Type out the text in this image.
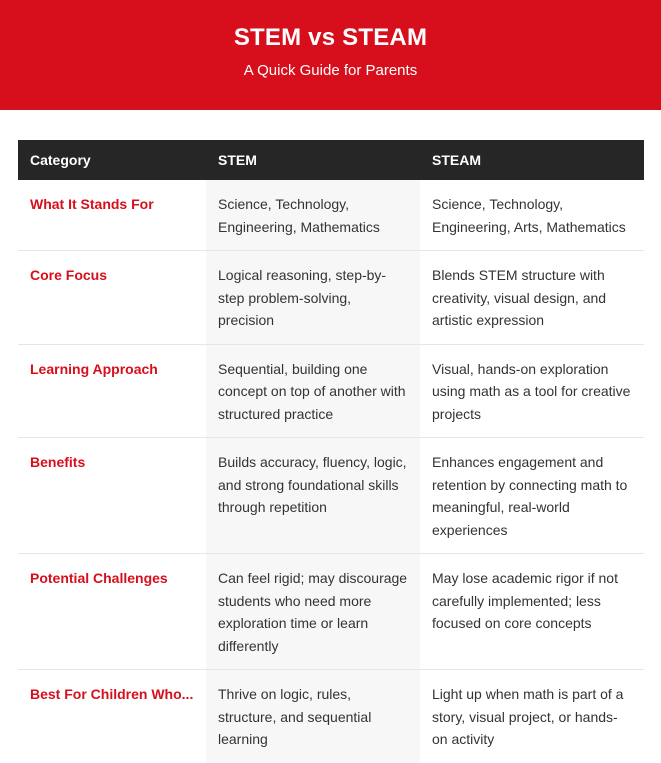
STEM vs STEAM
A Quick Guide for Parents
Category	STEM	STEAM
What It Stands For	Science, Technology, Engineering, Mathematics	Science, Technology, Engineering, Arts, Mathematics
Core Focus	Logical reasoning, step-by-step problem-solving, precision	Blends STEM structure with creativity, visual design, and artistic expression
Learning Approach	Sequential, building one concept on top of another with structured practice	Visual, hands-on exploration using math as a tool for creative projects
Benefits	Builds accuracy, fluency, logic, and strong foundational skills through repetition	Enhances engagement and retention by connecting math to meaningful, real-world experiences
Potential Challenges	Can feel rigid; may discourage students who need more exploration time or learn differently	May lose academic rigor if not carefully implemented; less focused on core concepts
Best For Children Who...	Thrive on logic, rules, structure, and sequential learning	Light up when math is part of a story, visual project, or hands-on activity
